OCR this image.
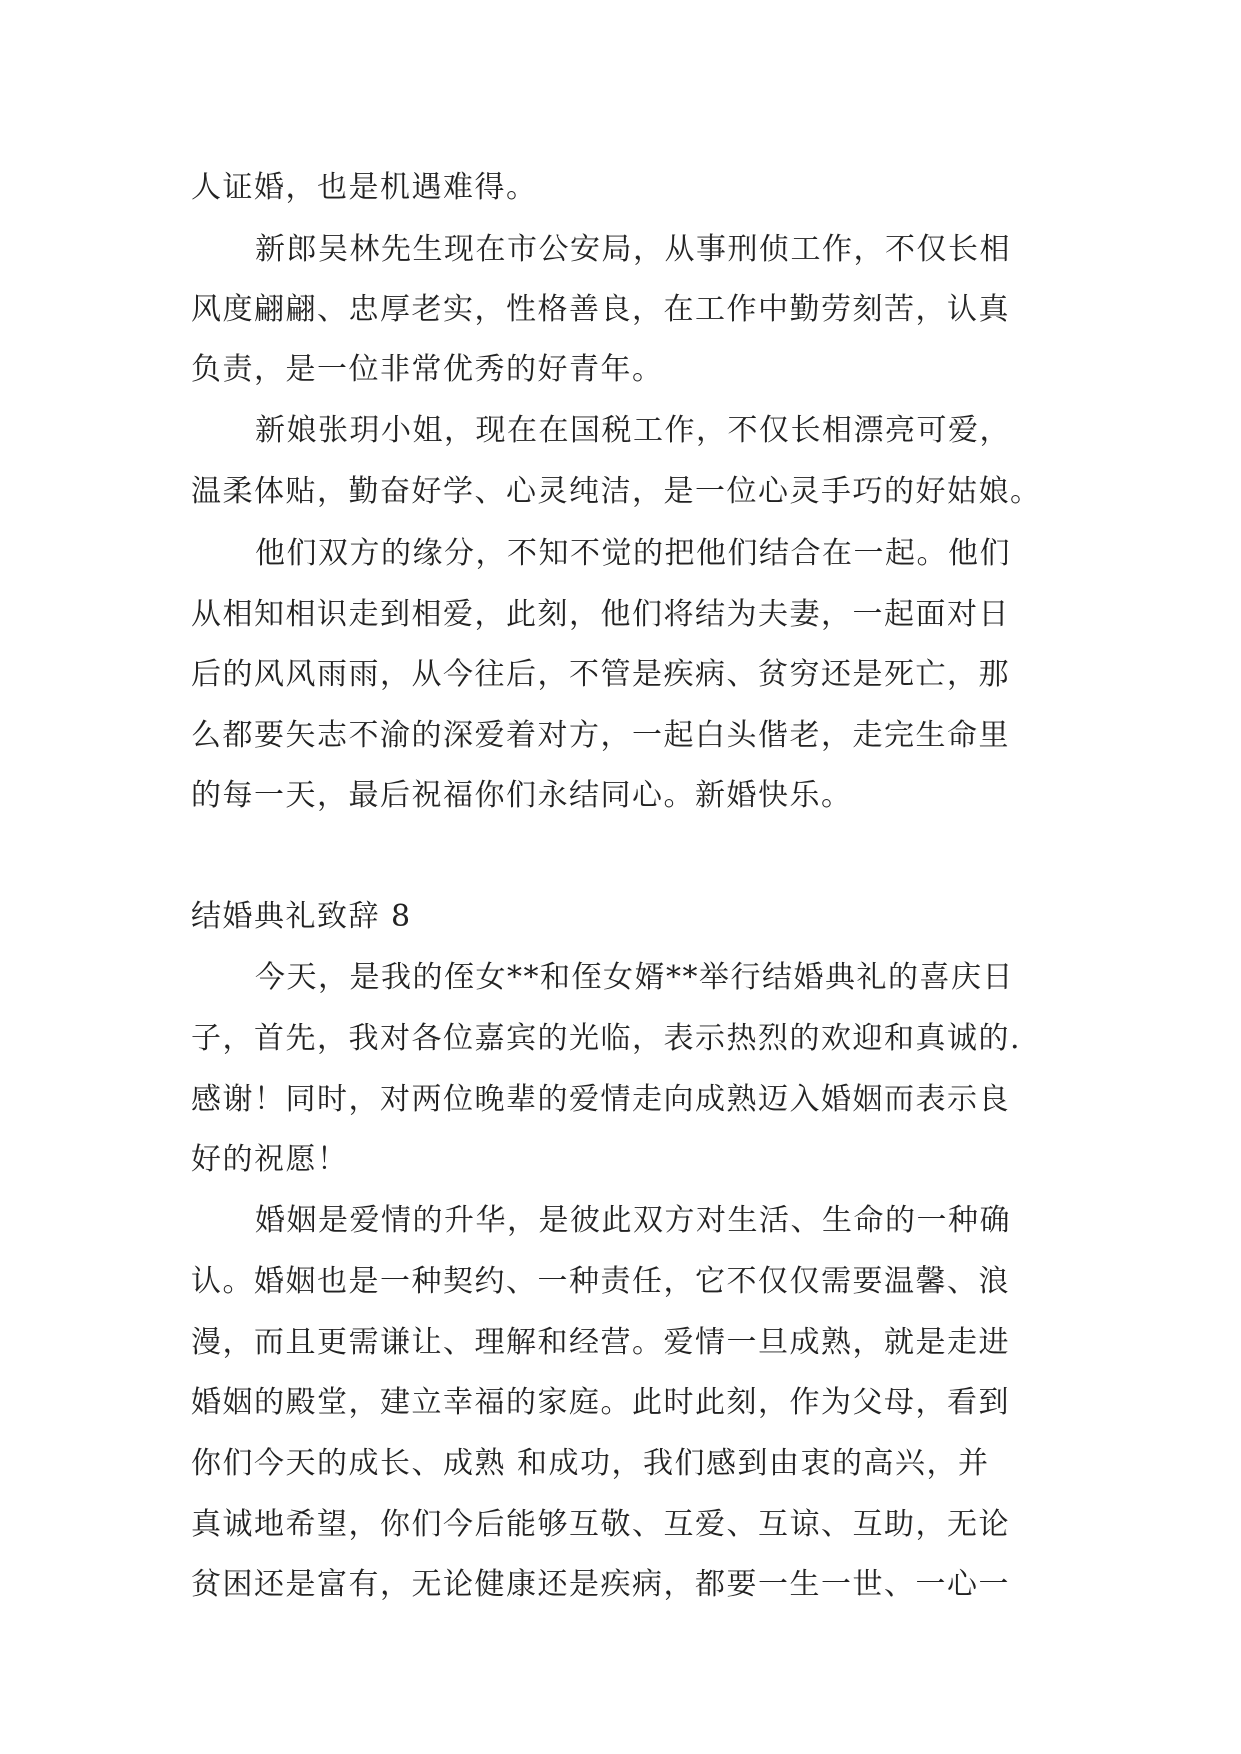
人证婚，也是机遇难得。
新郎吴林先生现在市公安局，从事刑侦工作，不仅长相
风度翩翩、忠厚老实，性格善良，在工作中勤劳刻苦，认真
负责，是一位非常优秀的好青年。
新娘张玥小姐，现在在国税工作，不仅长相漂亮可爱，
温柔体贴，勤奋好学、心灵纯洁，是一位心灵手巧的好姑娘。
他们双方的缘分，不知不觉的把他们结合在一起。他们
从相知相识走到相爱，此刻，他们将结为夫妻，一起面对日
后的风风雨雨，从今往后，不管是疾病、贫穷还是死亡，那
么都要矢志不渝的深爱着对方，一起白头偕老，走完生命里
的每一天，最后祝福你们永结同心。新婚快乐。
结婚典礼致辞 8
今天，是我的侄女**和侄女婿**举行结婚典礼的喜庆日
子，首先，我对各位嘉宾的光临，表示热烈的欢迎和真诚的.
感谢！同时，对两位晚辈的爱情走向成熟迈入婚姻而表示良
好的祝愿！
婚姻是爱情的升华，是彼此双方对生活、生命的一种确
认。婚姻也是一种契约、一种责任，它不仅仅需要温馨、浪
漫，而且更需谦让、理解和经营。爱情一旦成熟，就是走进
婚姻的殿堂，建立幸福的家庭。此时此刻，作为父母，看到
你们今天的成长、成熟 和成功，我们感到由衷的高兴，并
真诚地希望，你们今后能够互敬、互爱、互谅、互助，无论
贫困还是富有，无论健康还是疾病，都要一生一世、一心一
